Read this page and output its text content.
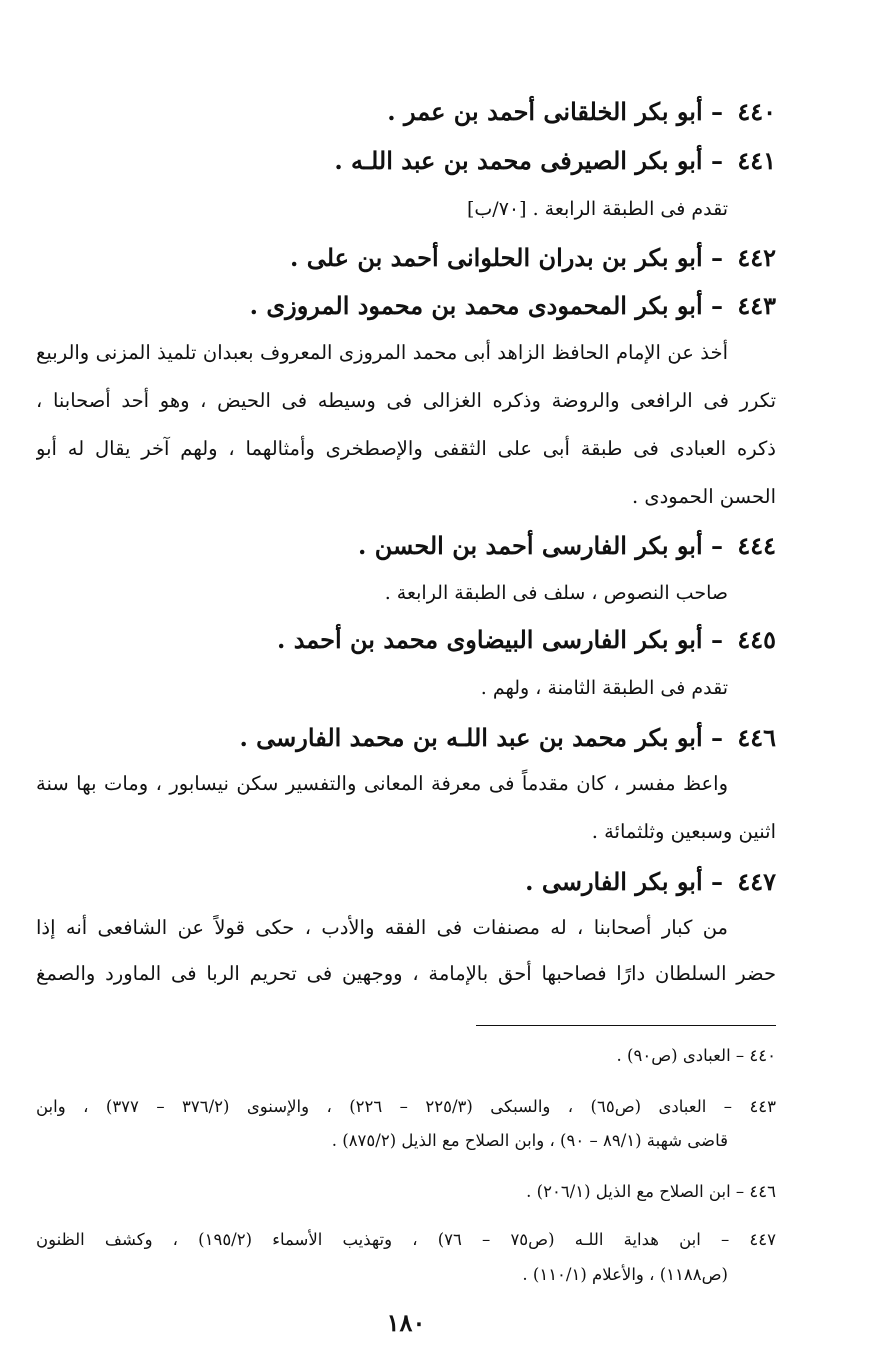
٤٤٠ – أبو بكر الخلقانى أحمد بن عمر .
٤٤١ – أبو بكر الصيرفى محمد بن عبد اللـه .
تقدم فى الطبقة الرابعة . [٧٠/ب]
٤٤٢ – أبو بكر بن بدران الحلوانى أحمد بن على .
٤٤٣ – أبو بكر المحمودى محمد بن محمود المروزى .
أخذ عن الإمام الحافظ الزاهد أبى محمد المروزى المعروف بعبدان تلميذ المزنى والربيع
تكرر فى الرافعى والروضة وذكره الغزالى فى وسيطه فى الحيض ، وهو أحد أصحابنا ،
ذكره العبادى فى طبقة أبى على الثقفى والإصطخرى وأمثالهما ، ولهم آخر يقال له أبو
الحسن الحمودى .
٤٤٤ – أبو بكر الفارسى أحمد بن الحسن .
صاحب النصوص ، سلف فى الطبقة الرابعة .
٤٤٥ – أبو بكر الفارسى البيضاوى محمد بن أحمد .
تقدم فى الطبقة الثامنة ، ولهم .
٤٤٦ – أبو بكر محمد بن عبد اللـه بن محمد الفارسى .
واعظ مفسر ، كان مقدماً فى معرفة المعانى والتفسير سكن نيسابور ، ومات بها سنة
اثنين وسبعين وثلثمائة .
٤٤٧ – أبو بكر الفارسى .
من كبار أصحابنا ، له مصنفات فى الفقه والأدب ، حكى قولاً عن الشافعى أنه إذا
حضر السلطان دارًا فصاحبها أحق بالإمامة ، ووجهين فى تحريم الربا فى الماورد والصمغ
٤٤٠ – العبادى (ص٩٠) .
٤٤٣ – العبادى (ص٦٥) ، والسبكى (٢٢٥/٣ – ٢٢٦) ، والإسنوى (٣٧٦/٢ – ٣٧٧) ، وابن
قاضى شهبة (٨٩/١ – ٩٠) ، وابن الصلاح مع الذيل (٨٧٥/٢) .
٤٤٦ – ابن الصلاح مع الذيل (٢٠٦/١) .
٤٤٧ – ابن هداية اللـه (ص٧٥ – ٧٦) ، وتهذيب الأسماء (١٩٥/٢) ، وكشف الظنون
(ص١١٨٨) ، والأعلام (١١٠/١) .
١٨٠
